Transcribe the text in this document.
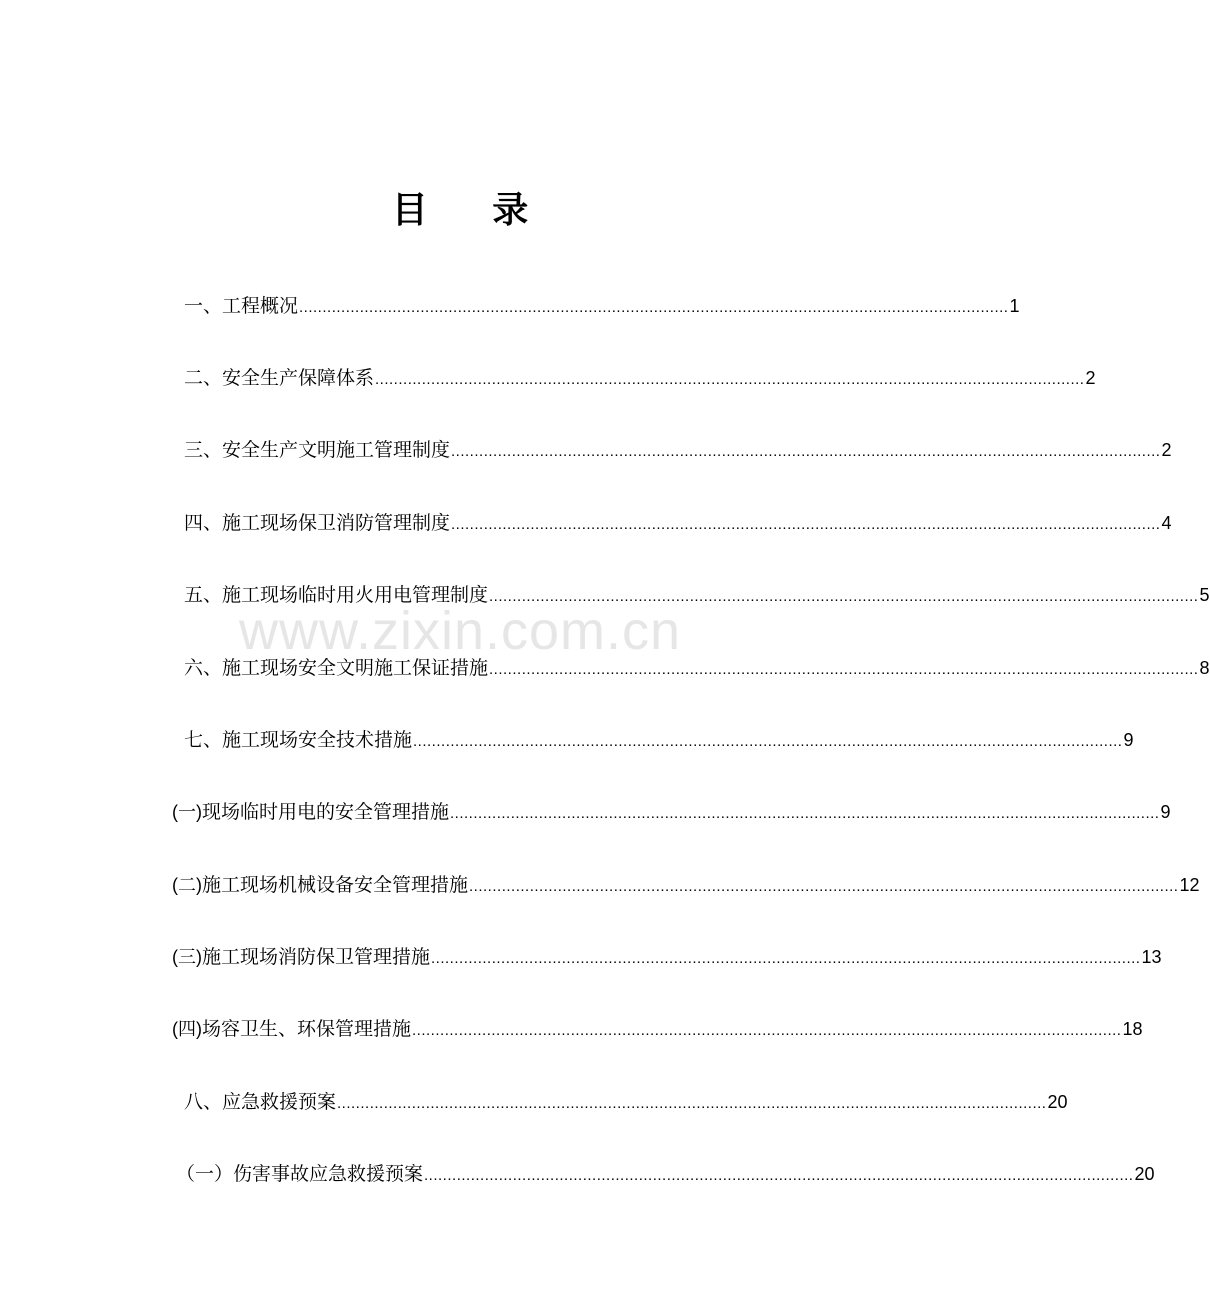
www.zixin.com.cn
目 录
一、工程概况 ........................................................................................................................................................ 1
二、安全生产保障体系 ........................................................................................................................................................ 2
三、安全生产文明施工管理制度 ........................................................................................................................................................ 2
四、施工现场保卫消防管理制度 ........................................................................................................................................................ 4
五、施工现场临时用火用电管理制度 ........................................................................................................................................................ 5
六、施工现场安全文明施工保证措施 ........................................................................................................................................................ 8
七、施工现场安全技术措施 ........................................................................................................................................................ 9
(一) 现场临时用电的安全管理措施 ........................................................................................................................................................ 9
(二) 施工现场机械设备安全管理措施 ........................................................................................................................................................ 12
(三) 施工现场消防保卫管理措施 ........................................................................................................................................................ 13
(四) 场容卫生、环保管理措施 ........................................................................................................................................................ 18
八、应急救援预案 ........................................................................................................................................................ 20
（一）伤害事故应急救援预案 ........................................................................................................................................................ 20
